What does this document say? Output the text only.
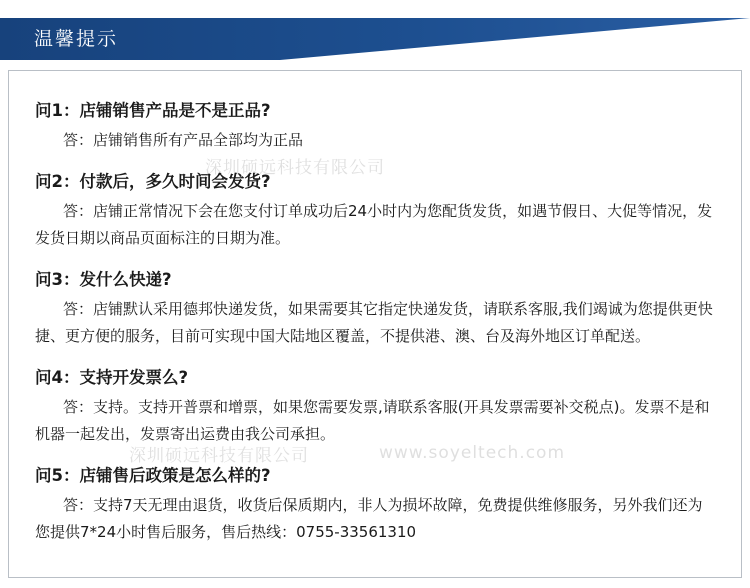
温馨提示
深圳硕远科技有限公司
深圳硕远科技有限公司	www.soyeltech.com

问1：店铺销售产品是不是正品?

答：店铺销售所有产品全部均为正品

问2：付款后，多久时间会发货?

答：店铺正常情况下会在您支付订单成功后24小时内为您配货发货，如遇节假日、大促等情况，发发货日期以商品页面标注的日期为准。

问3：发什么快递?

答：店铺默认采用德邦快递发货，如果需要其它指定快递发货，请联系客服,我们竭诚为您提供更快捷、更方便的服务，目前可实现中国大陆地区覆盖，不提供港、澳、台及海外地区订单配送。

问4：支持开发票么?

答：支持。支持开普票和增票，如果您需要发票,请联系客服(开具发票需要补交税点)。发票不是和机器一起发出，发票寄出运费由我公司承担。

问5：店铺售后政策是怎么样的?

答：支持7天无理由退货，收货后保质期内，非人为损坏故障，免费提供维修服务，另外我们还为您提供7*24小时售后服务，售后热线：0755-33561310
